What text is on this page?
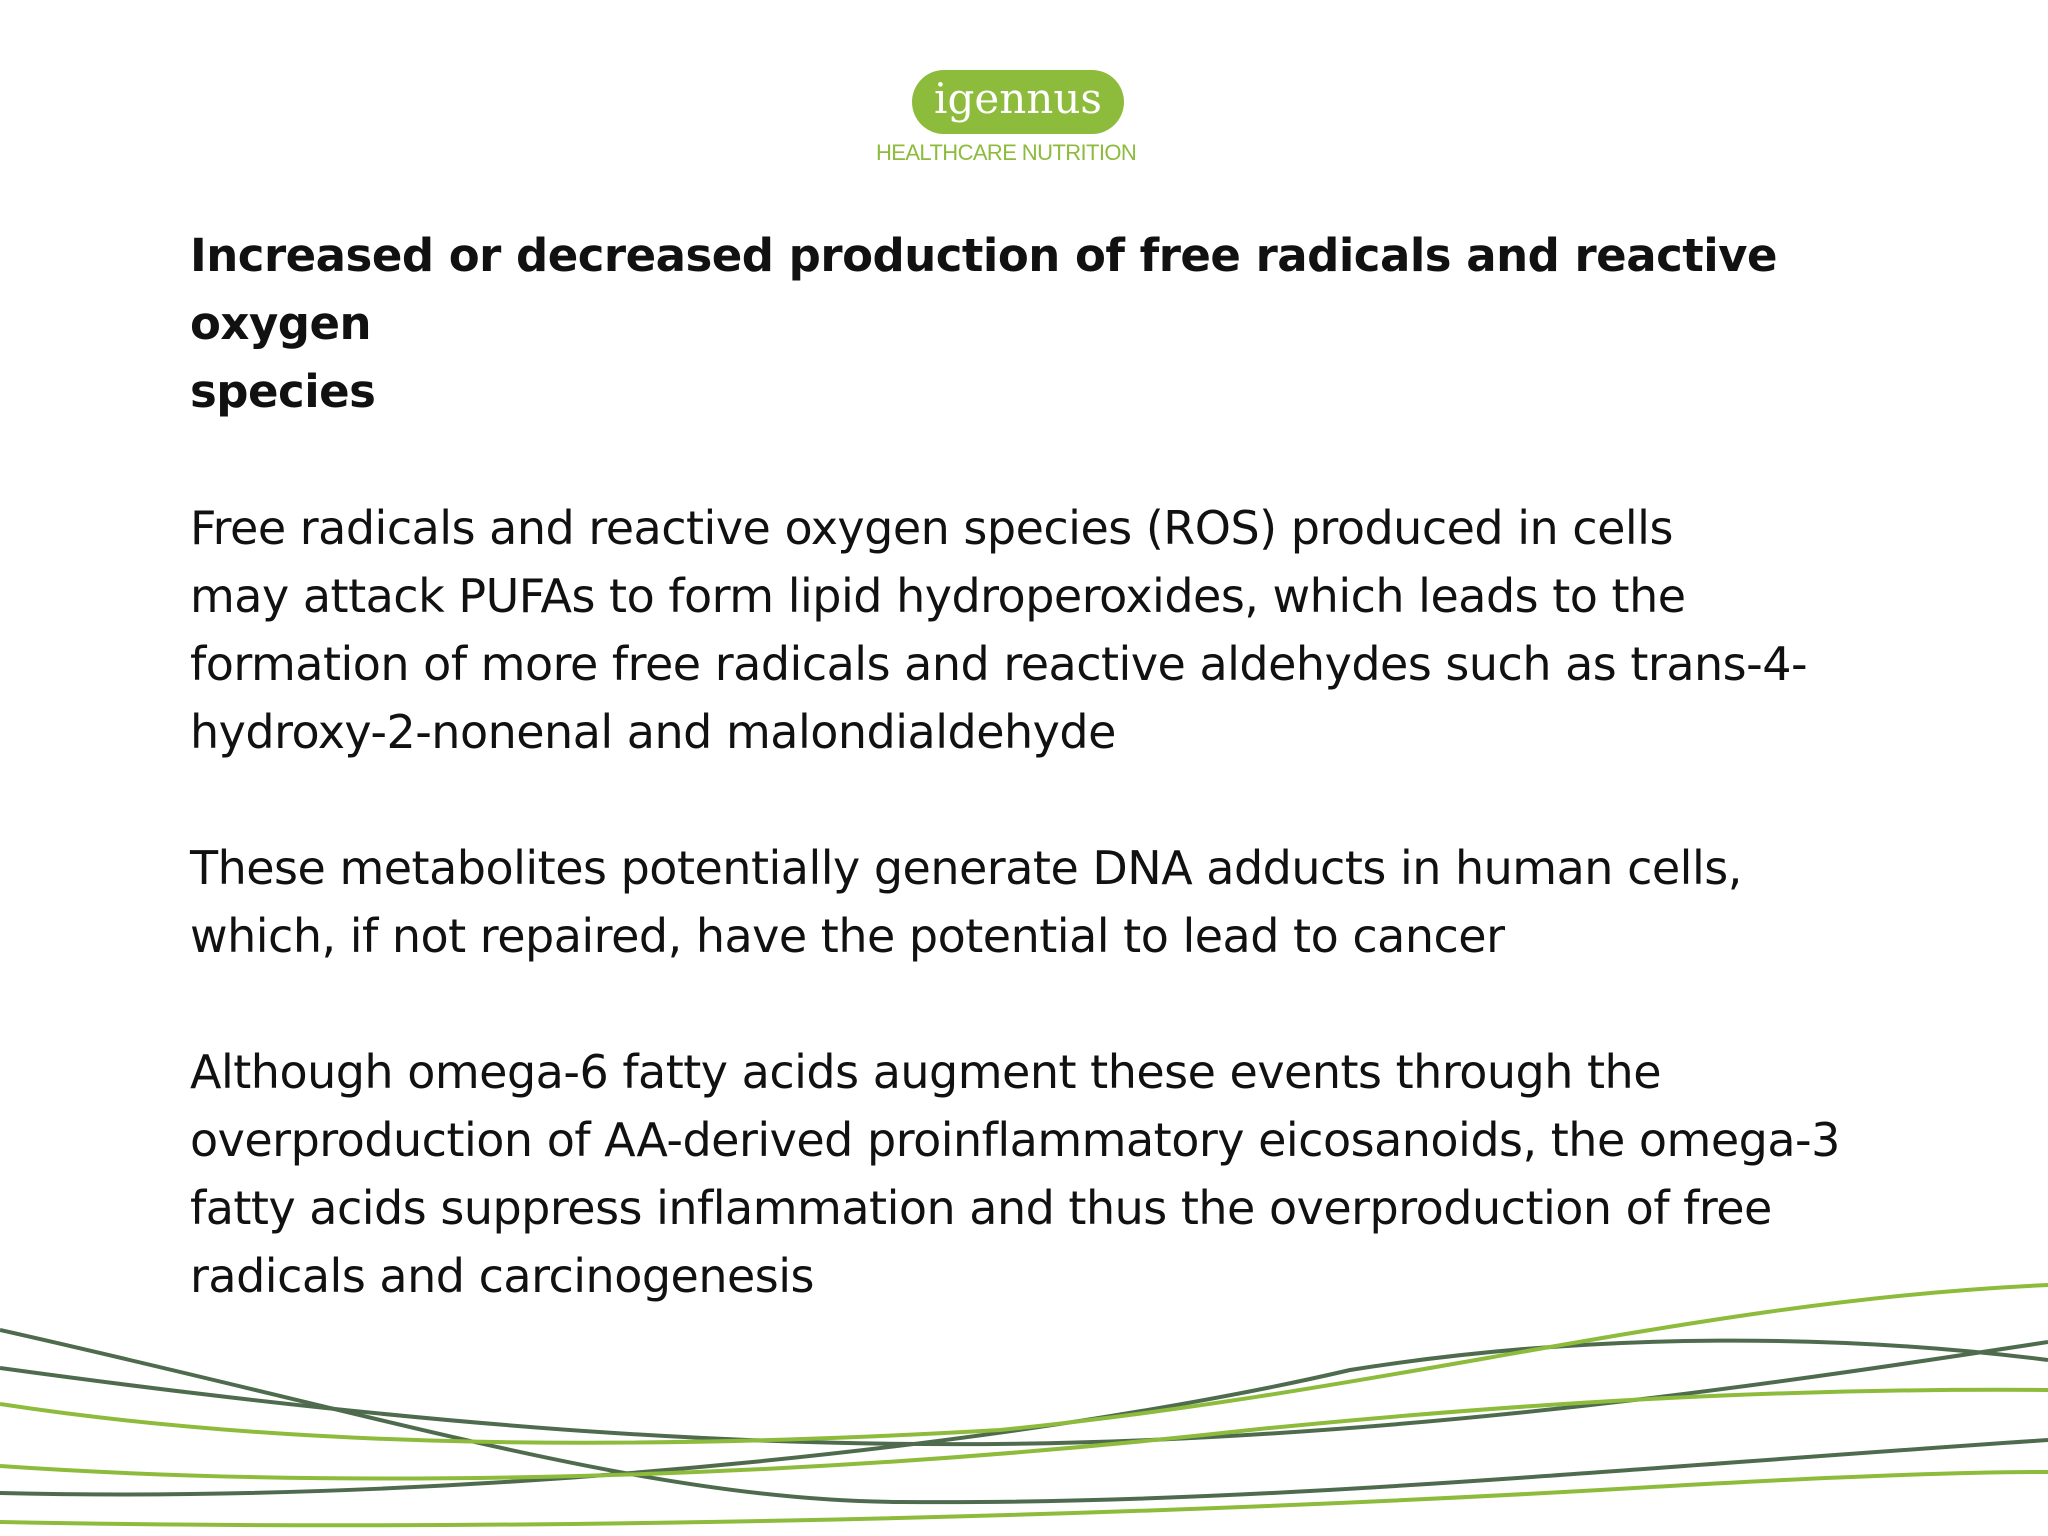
igennus
HEALTHCARE NUTRITION

Increased or decreased production of free radicals and reactive oxygen
species

Free radicals and reactive oxygen species (ROS) produced in cells
may attack PUFAs to form lipid hydroperoxides, which leads to the
formation of more free radicals and reactive aldehydes such as trans-4-
hydroxy-2-nonenal and malondialdehyde

These metabolites potentially generate DNA adducts in human cells,
which, if not repaired, have the potential to lead to cancer

Although omega-6 fatty acids augment these events through the
overproduction of AA-derived proinflammatory eicosanoids, the omega-3
fatty acids suppress inflammation and thus the overproduction of free
radicals and carcinogenesis
